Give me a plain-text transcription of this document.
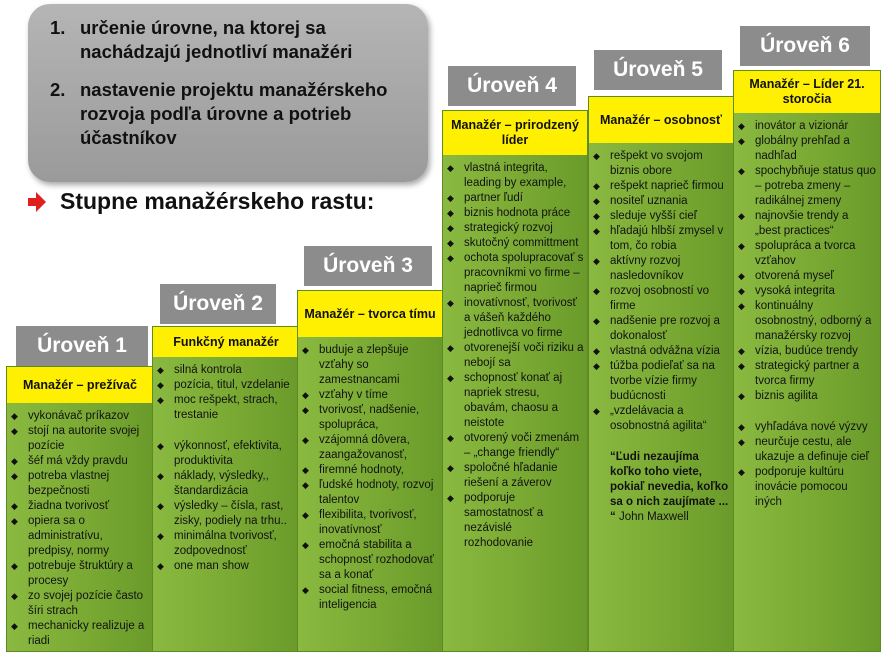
1. určenie úrovne, na ktorej sa nachádzajú jednotliví manažéri
2. nastavenie projektu manažérskeho rozvoja podľa úrovne a potrieb účastníkov
Stupne manažérskeho rastu:
Úroveň 1
Manažér – prežívač
◆ vykonávač príkazov
◆ stojí na autorite svojej pozície
◆ šéf má vždy pravdu
◆ potreba vlastnej bezpečnosti
◆ žiadna tvorivosť
◆ opiera sa o administratívu, predpisy, normy
◆ potrebuje štruktúry a procesy
◆ zo svojej pozície často šíri strach
◆ mechanicky realizuje a riadi
Úroveň 2
Funkčný manažér
◆ silná kontrola
◆ pozícia, titul, vzdelanie
◆ moc rešpekt, strach, trestanie
◆ výkonnosť, efektivita, produktivita
◆ náklady, výsledky,, štandardizácia
◆ výsledky – čísla, rast, zisky, podiely na trhu..
◆ minimálna tvorivosť, zodpovednosť
◆ one man show
Úroveň 3
Manažér – tvorca tímu
◆ buduje a zlepšuje vzťahy so zamestnancami
◆ vzťahy v tíme
◆ tvorivosť, nadšenie, spolupráca,
◆ vzájomná dôvera, zaangažovanosť,
◆ firemné hodnoty,
◆ ľudské hodnoty, rozvoj talentov
◆ flexibilita, tvorivosť, inovatívnosť
◆ emočná stabilita a schopnosť rozhodovať sa a konať
◆ social fitness, emočná inteligencia
Úroveň 4
Manažér – prirodzený líder
◆ vlastná integrita, leading by example,
◆ partner ľudí
◆ biznis hodnota práce
◆ strategický rozvoj
◆ skutočný committment
◆ ochota spolupracovať s pracovníkmi vo firme – naprieč firmou
◆ inovatívnosť, tvorivosť a vášeň každého jednotlivca vo firme
◆ otvorenejší voči riziku a nebojí sa
◆ schopnosť konať aj napriek stresu, obavám, chaosu a neistote
◆ otvorený voči zmenám – „change friendly“
◆ spoločné hľadanie riešení a záverov
◆ podporuje samostatnosť a nezávislé rozhodovanie
Úroveň 5
Manažér – osobnosť
◆ rešpekt vo svojom biznis obore
◆ rešpekt naprieč firmou
◆ nositeľ uznania
◆ sleduje vyšší cieľ
◆ hľadajú hlbší zmysel v tom, čo robia
◆ aktívny rozvoj nasledovníkov
◆ rozvoj osobností vo firme
◆ nadšenie pre rozvoj a dokonalosť
◆ vlastná odvážna vízia
◆ túžba podieľať sa na tvorbe vízie firmy budúcnosti
◆ „vzdelávacia a osobnostná agilita“
“Ľudi nezaujíma koľko toho viete, pokiaľ nevedia, koľko sa o nich zaujímate ... “ John Maxwell
Úroveň 6
Manažér – Líder 21. storočia
◆ inovátor a vizionár
◆ globálny prehľad a nadhľad
◆ spochybňuje status quo – potreba zmeny – radikálnej zmeny
◆ najnovšie trendy a „best practices“
◆ spolupráca a tvorca vzťahov
◆ otvorená myseľ
◆ vysoká integrita
◆ kontinuálny osobnostný, odborný a manažérsky rozvoj
◆ vízia, budúce trendy
◆ strategický partner a tvorca firmy
◆ biznis agilita
◆ vyhľadáva nové výzvy
◆ neurčuje cestu, ale ukazuje a definuje cieľ
◆ podporuje kultúru inovácie pomocou iných
